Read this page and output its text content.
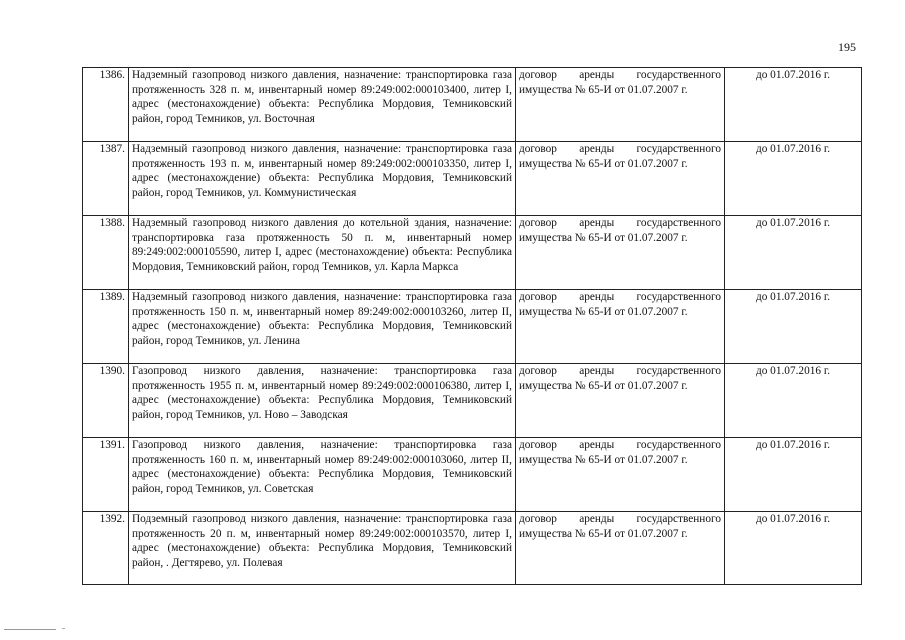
195
1386.	Надземный газопровод низкого давления, назначение: транспортировка газа протяженность 328 п. м, инвентарный номер 89:249:002:000103400, литер I, адрес (местонахождение) объекта: Республика Мордовия, Темниковский район, город Темников, ул. Восточная	договор аренды государственного имущества № 65-И от 01.07.2007 г.	до 01.07.2016 г.
1387.	Надземный газопровод низкого давления, назначение: транспортировка газа протяженность 193 п. м, инвентарный номер 89:249:002:000103350, литер I, адрес (местонахождение) объекта: Республика Мордовия, Темниковский район, город Темников, ул. Коммунистическая	договор аренды государственного имущества № 65-И от 01.07.2007 г.	до 01.07.2016 г.
1388.	Надземный газопровод низкого давления до котельной здания, назначение: транспортировка газа протяженность 50 п. м, инвентарный номер 89:249:002:000105590, литер I, адрес (местонахождение) объекта: Республика Мордовия, Темниковский район, город Темников, ул. Карла Маркса	договор аренды государственного имущества № 65-И от 01.07.2007 г.	до 01.07.2016 г.
1389.	Надземный газопровод низкого давления, назначение: транспортировка газа протяженность 150 п. м, инвентарный номер 89:249:002:000103260, литер II, адрес (местонахождение) объекта: Республика Мордовия, Темниковский район, город Темников, ул. Ленина	договор аренды государственного имущества № 65-И от 01.07.2007 г.	до 01.07.2016 г.
1390.	Газопровод низкого давления, назначение: транспортировка газа протяженность 1955 п. м, инвентарный номер 89:249:002:000106380, литер I, адрес (местонахождение) объекта: Республика Мордовия, Темниковский район, город Темников, ул. Ново – Заводская	договор аренды государственного имущества № 65-И от 01.07.2007 г.	до 01.07.2016 г.
1391.	Газопровод низкого давления, назначение: транспортировка газа протяженность 160 п. м, инвентарный номер 89:249:002:000103060, литер II, адрес (местонахождение) объекта: Республика Мордовия, Темниковский район, город Темников, ул. Советская	договор аренды государственного имущества № 65-И от 01.07.2007 г.	до 01.07.2016 г.
1392.	Подземный газопровод низкого давления, назначение: транспортировка газа протяженность 20 п. м, инвентарный номер 89:249:002:000103570, литер I, адрес (местонахождение) объекта: Республика Мордовия, Темниковский район, . Дегтярево, ул. Полевая	договор аренды государственного имущества № 65-И от 01.07.2007 г.	до 01.07.2016 г.
